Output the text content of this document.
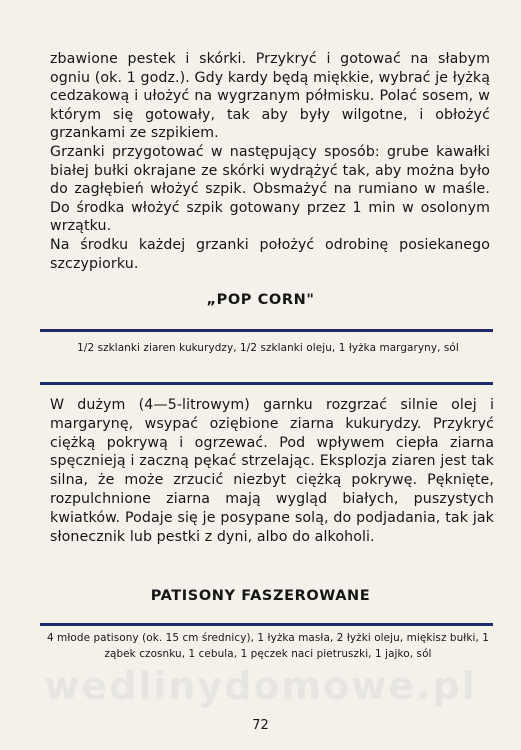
zbawione pestek i skórki. Przykryć i gotować na słabym ogniu (ok. 1 godz.). Gdy kardy będą miękkie, wybrać je łyżką cedzakową i ułożyć na wygrzanym półmisku. Polać sosem, w którym się gotowały, tak aby były wilgotne, i obłożyć grzankami ze szpikiem.

Grzanki przygotować w następujący sposób: grube kawałki białej bułki okrajane ze skórki wydrążyć tak, aby można było do zagłębień włożyć szpik. Obsmażyć na rumiano w maśle. Do środka włożyć szpik gotowany przez 1 min w osolonym wrzątku.

Na środku każdej grzanki położyć odrobinę posiekanego szczypiorku.

„POP CORN"
1/2 szklanki ziaren kukurydzy, 1/2 szklanki oleju, 1 łyżka margaryny, sól

W dużym (4—5-litrowym) garnku rozgrzać silnie olej i margarynę, wsypać oziębione ziarna kukurydzy. Przykryć ciężką pokrywą i ogrzewać. Pod wpływem ciepła ziarna spęcznieją i zaczną pękać strzelając. Eksplozja ziaren jest tak silna, że może zrzucić niezbyt ciężką pokrywę. Pęknięte, rozpulchnione ziarna mają wygląd białych, puszystych kwiatków. Podaje się je posypane solą, do podjadania, tak jak słonecznik lub pestki z dyni, albo do alkoholi.

PATISONY FASZEROWANE
4 młode patisony (ok. 15 cm średnicy), 1 łyżka masła, 2 łyżki oleju, miękisz bułki, 1 ząbek czosnku, 1 cebula, 1 pęczek naci pietruszki, 1 jajko, sól
wedlinydomowe.pl
72
